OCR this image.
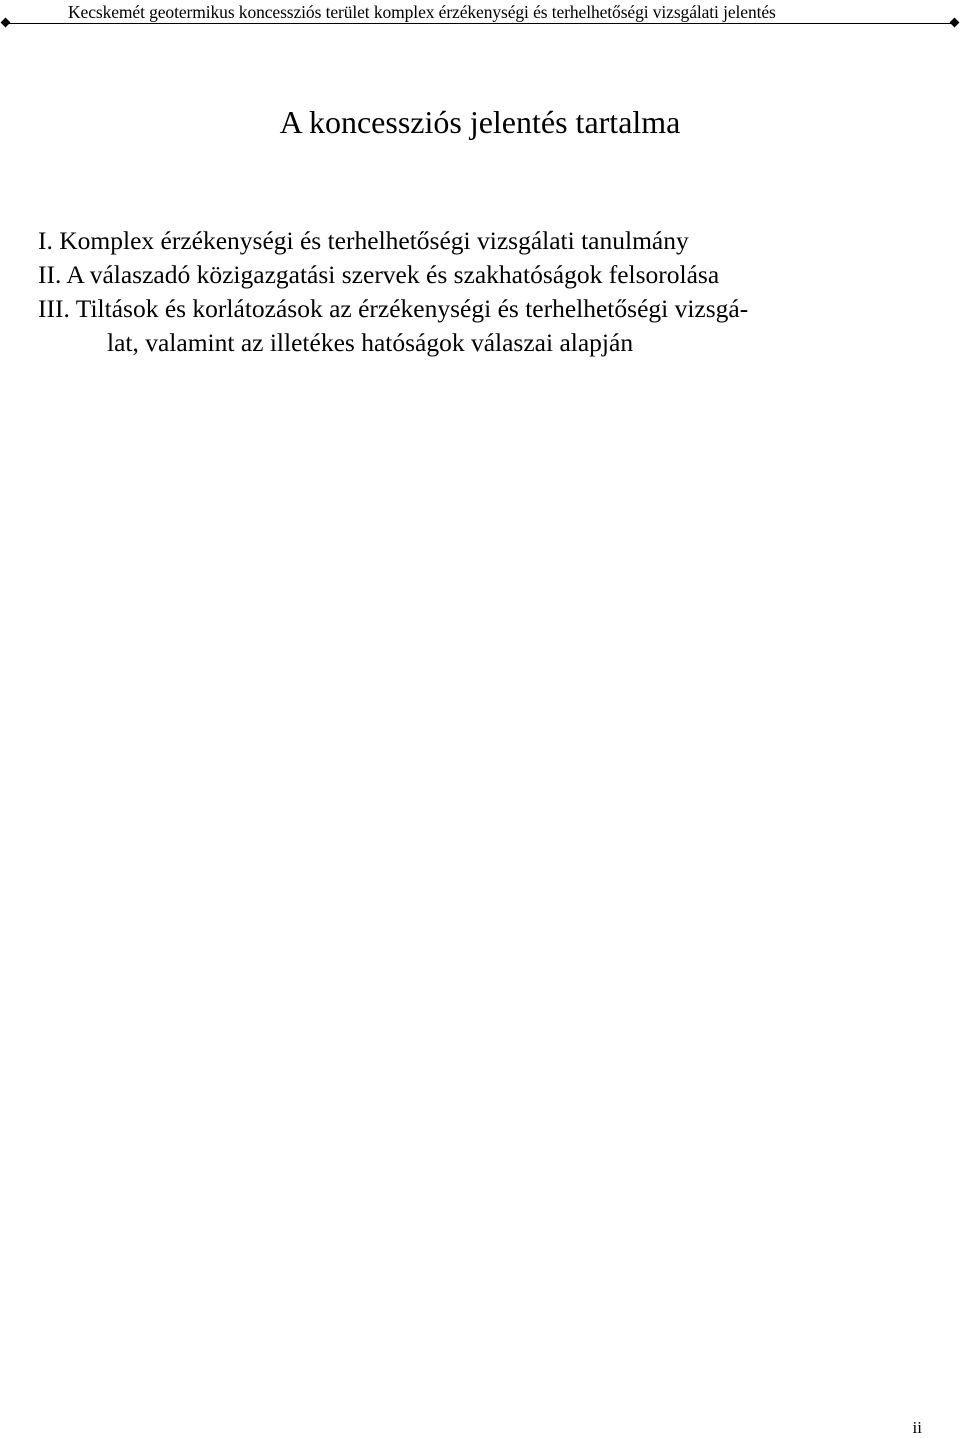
Kecskemét geotermikus koncessziós terület komplex érzékenységi és terhelhetőségi vizsgálati jelentés
A koncessziós jelentés tartalma
I. Komplex érzékenységi és terhelhetőségi vizsgálati tanulmány
II. A válaszadó közigazgatási szervek és szakhatóságok felsorolása
III. Tiltások és korlátozások az érzékenységi és terhelhetőségi vizsgá-
lat, valamint az illetékes hatóságok válaszai alapján
ii
